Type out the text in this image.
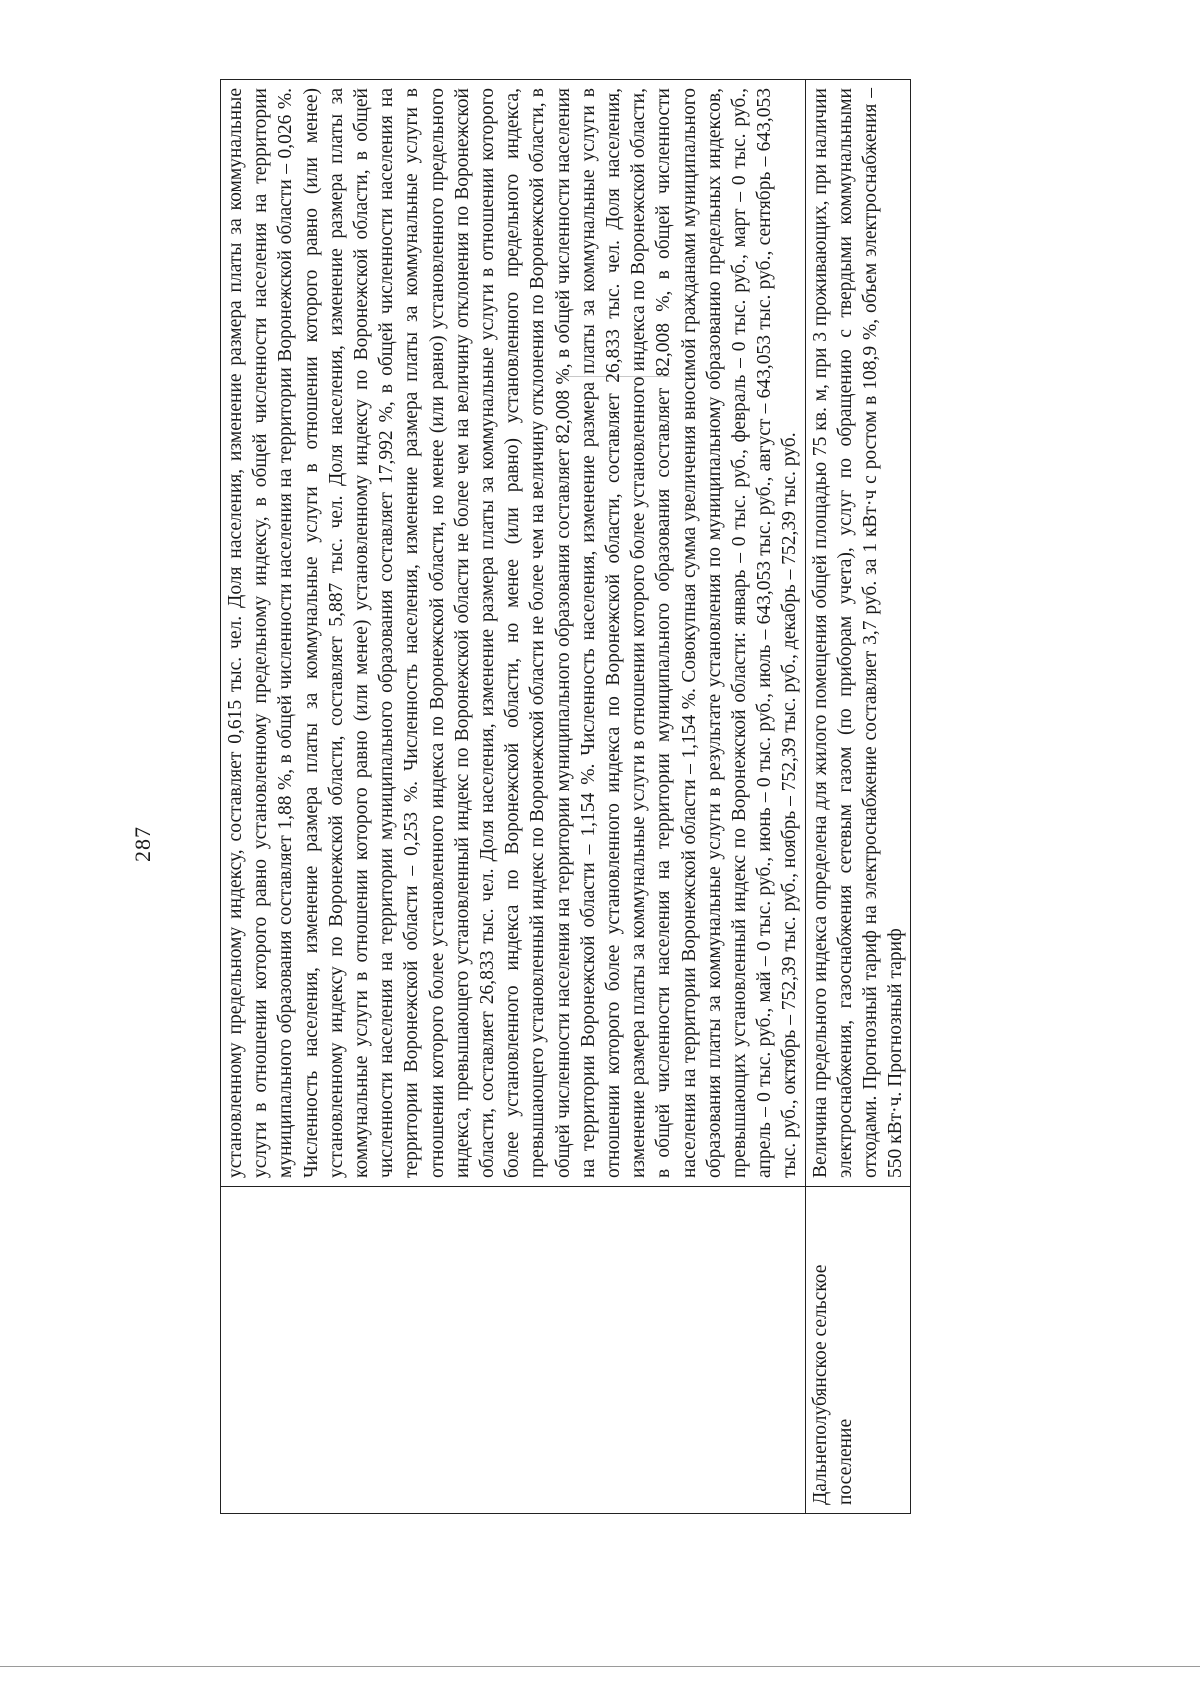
287
		установленному предельному индексу, составляет 0,615 тыс. чел. Доля населения, изменение размера платы за коммунальные услуги в отношении которого равно установленному предельному индексу, в общей численности населения на территории муниципального образования составляет 1,88 %, в общей численности населения на территории Воронежской области – 0,026 %. Численность населения, изменение размера платы за коммунальные услуги в отношении которого равно (или менее) установленному индексу по Воронежской области, составляет 5,887 тыс. чел. Доля населения, изменение размера платы за коммунальные услуги в отношении которого равно (или менее) установленному индексу по Воронежской области, в общей численности населения на территории муниципального образования составляет 17,992 %, в общей численности населения на территории Воронежской области – 0,253 %. Численность населения, изменение размера платы за коммунальные услуги в отношении которого более установленного индекса по Воронежской области, но менее (или равно) установленного предельного индекса, превышающего установленный индекс по Воронежской области не более чем на величину отклонения по Воронежской области, составляет 26,833 тыс. чел. Доля населения, изменение размера платы за коммунальные услуги в отношении которого более установленного индекса по Воронежской области, но менее (или равно) установленного предельного индекса, превышающего установленный индекс по Воронежской области не более чем на величину отклонения по Воронежской области, в общей численности населения на территории муниципального образования составляет 82,008 %, в общей численности населения на территории Воронежской области – 1,154 %. Численность населения, изменение размера платы за коммунальные услуги в отношении которого более установленного индекса по Воронежской области, составляет 26,833 тыс. чел. Доля населения, изменение размера платы за коммунальные услуги в отношении которого более установленного индекса по Воронежской области, в общей численности населения на территории муниципального образования составляет 82,008 %, в общей численности населения на территории Воронежской области – 1,154 %. Совокупная сумма увеличения вносимой гражданами муниципального образования платы за коммунальные услуги в результате установления по муниципальному образованию предельных индексов, превышающих установленный индекс по Воронежской области: январь – 0 тыс. руб., февраль – 0 тыс. руб., март – 0 тыс. руб., апрель – 0 тыс. руб., май – 0 тыс. руб., июнь – 0 тыс. руб., июль – 643,053 тыс. руб., август – 643,053 тыс. руб., сентябрь – 643,053 тыс. руб., октябрь – 752,39 тыс. руб., ноябрь – 752,39 тыс. руб., декабрь – 752,39 тыс. руб.
Дальнеполубянское сельское поселение	Величина предельного индекса определена для жилого помещения общей площадью 75 кв. м, при 3 проживающих, при наличии электроснабжения, газоснабжения сетевым газом (по приборам учета), услуг по обращению с твердыми коммунальными отходами. Прогнозный тариф на электроснабжение составляет 3,7 руб. за 1 кВт·ч с ростом в 108,9 %, объем электроснабжения – 550 кВт·ч. Прогнозный тариф
